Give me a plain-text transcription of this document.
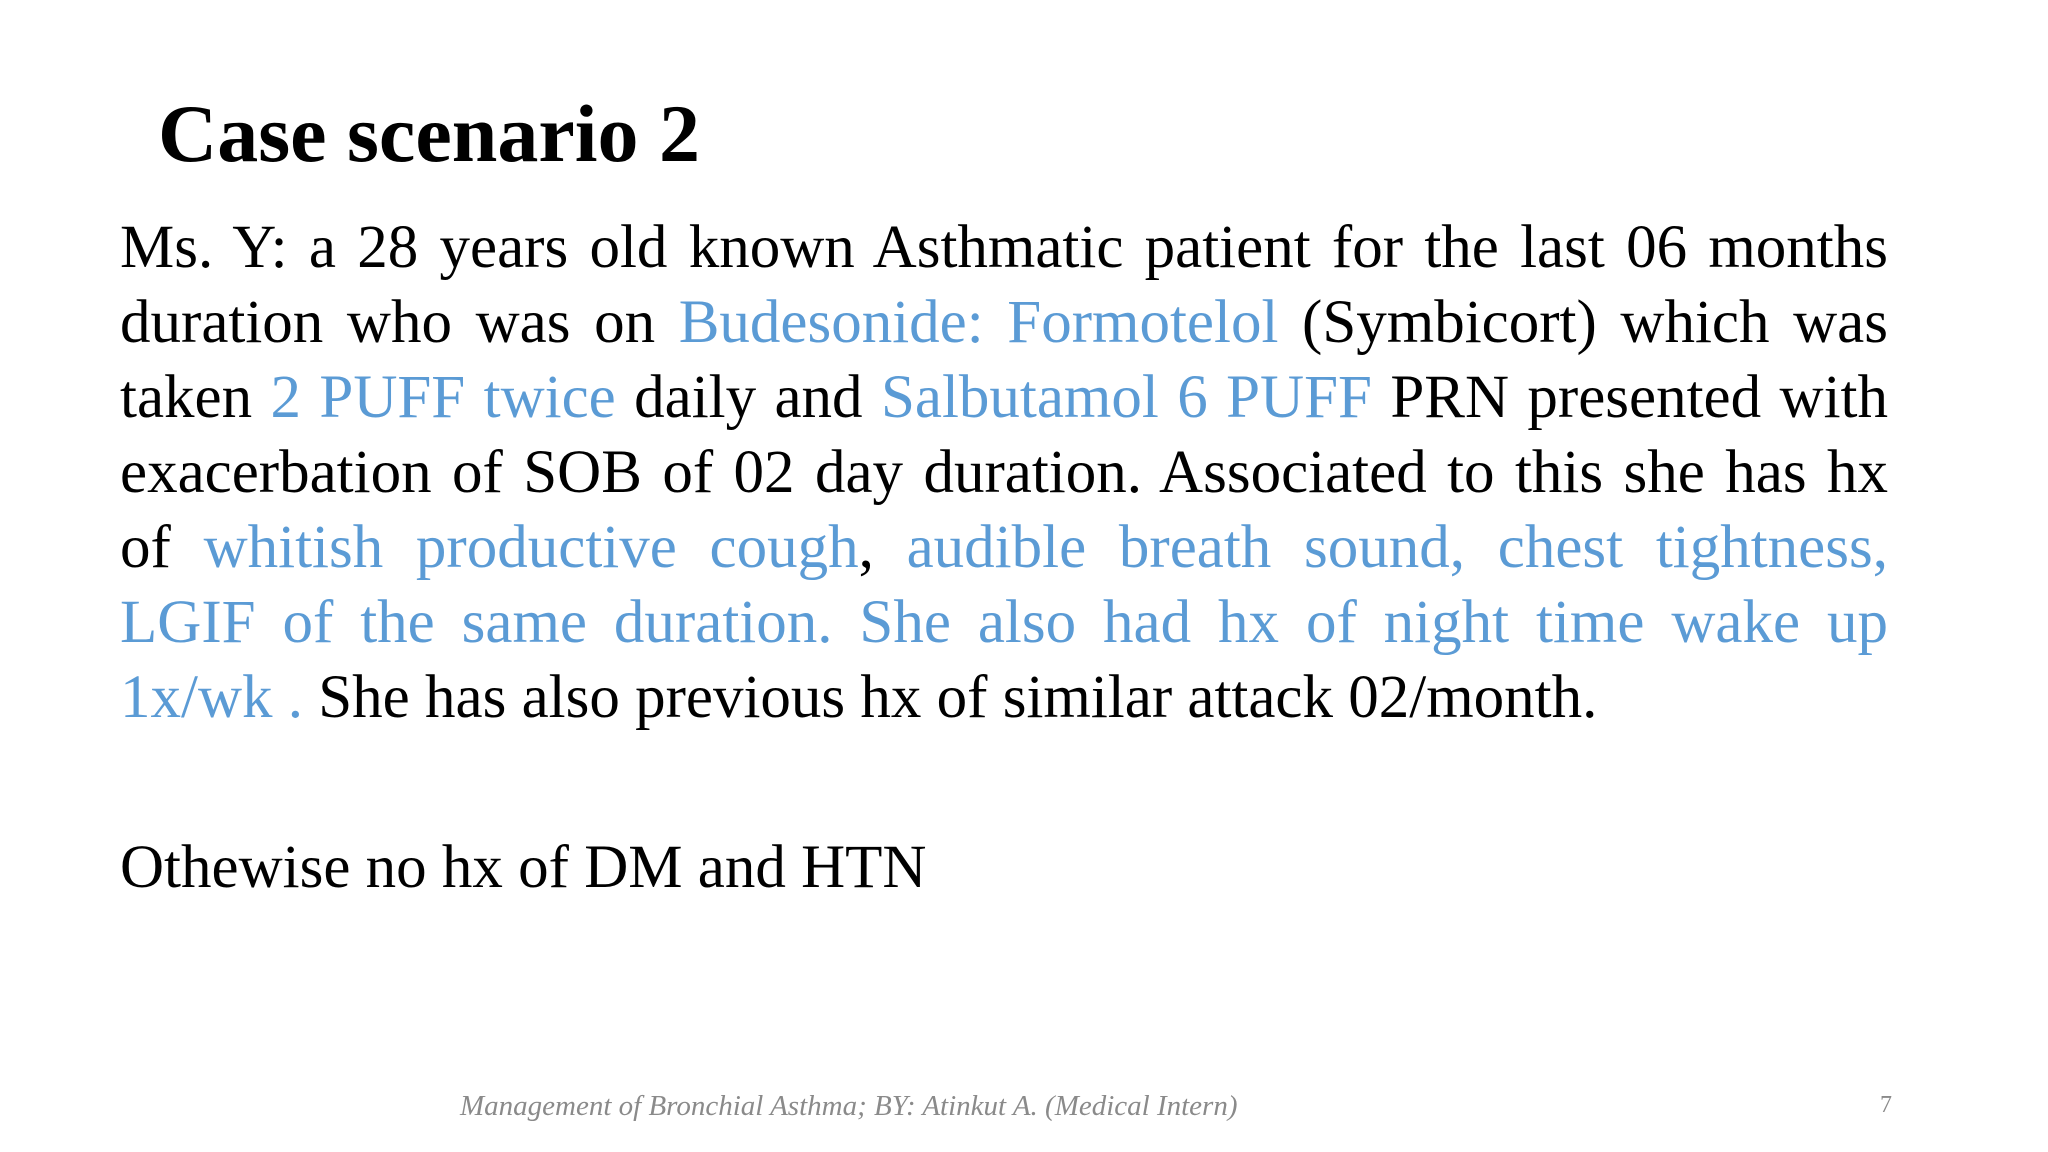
Case scenario 2

Ms. Y: a 28 years old known Asthmatic patient for the last 06 months duration who was on Budesonide: Formotelol (Symbicort) which was taken 2 PUFF twice daily and Salbutamol 6 PUFF PRN presented with exacerbation of SOB of 02 day duration. Associated to this she has hx of whitish productive cough, audible breath sound, chest tightness, LGIF of the same duration. She also had hx of night time wake up 1x/wk . She has also previous hx of similar attack 02/month.

Othewise no hx of DM and HTN

Management of Bronchial Asthma; BY: Atinkut A. (Medical Intern)	7
